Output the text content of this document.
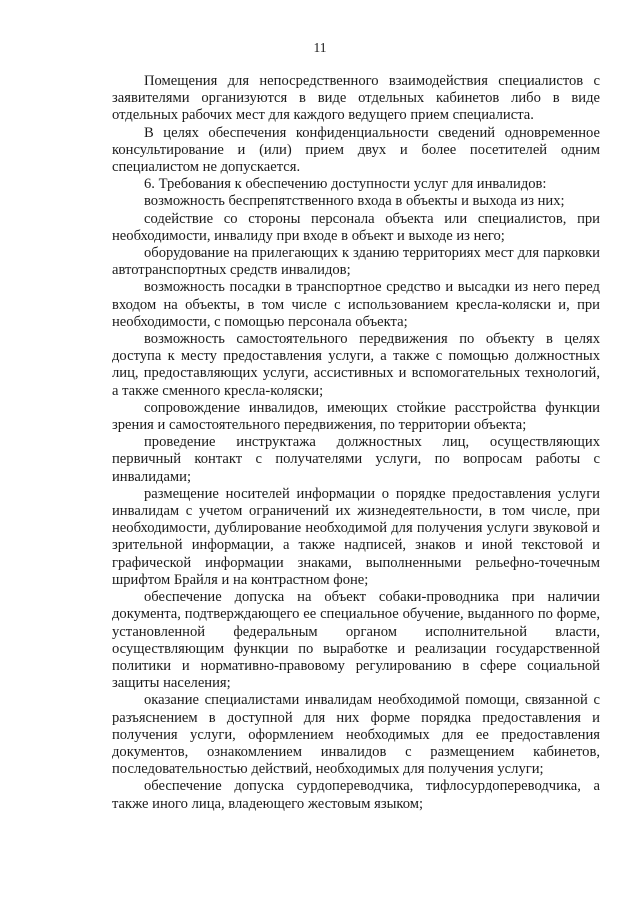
11

Помещения для непосредственного взаимодействия специалистов с заявителями организуются в виде отдельных кабинетов либо в виде отдельных рабочих мест для каждого ведущего прием специалиста.

В целях обеспечения конфиденциальности сведений одновременное консультирование и (или) прием двух и более посетителей одним специалистом не допускается.

6. Требования к обеспечению доступности услуг для инвалидов:

возможность беспрепятственного входа в объекты и выхода из них;

содействие со стороны персонала объекта или специалистов, при необходимости, инвалиду при входе в объект и выходе из него;

оборудование на прилегающих к зданию территориях мест для парковки автотранспортных средств инвалидов;

возможность посадки в транспортное средство и высадки из него перед входом на объекты, в том числе с использованием кресла-коляски и, при необходимости, с помощью персонала объекта;

возможность самостоятельного передвижения по объекту в целях доступа к месту предоставления услуги, а также с помощью должностных лиц, предоставляющих услуги, ассистивных и вспомогательных технологий, а также сменного кресла-коляски;

сопровождение инвалидов, имеющих стойкие расстройства функции зрения и самостоятельного передвижения, по территории объекта;

проведение инструктажа должностных лиц, осуществляющих первичный контакт с получателями услуги, по вопросам работы с инвалидами;

размещение носителей информации о порядке предоставления услуги инвалидам с учетом ограничений их жизнедеятельности, в том числе, при необходимости, дублирование необходимой для получения услуги звуковой и зрительной информации, а также надписей, знаков и иной текстовой и графической информации знаками, выполненными рельефно-точечным шрифтом Брайля и на контрастном фоне;

обеспечение допуска на объект собаки-проводника при наличии документа, подтверждающего ее специальное обучение, выданного по форме, установленной федеральным органом исполнительной власти, осуществляющим функции по выработке и реализации государственной политики и нормативно-правовому регулированию в сфере социальной защиты населения;

оказание специалистами инвалидам необходимой помощи, связанной с разъяснением в доступной для них форме порядка предоставления и получения услуги, оформлением необходимых для ее предоставления документов, ознакомлением инвалидов с размещением кабинетов, последовательностью действий, необходимых для получения услуги;

обеспечение допуска сурдопереводчика, тифлосурдопереводчика, а также иного лица, владеющего жестовым языком;
